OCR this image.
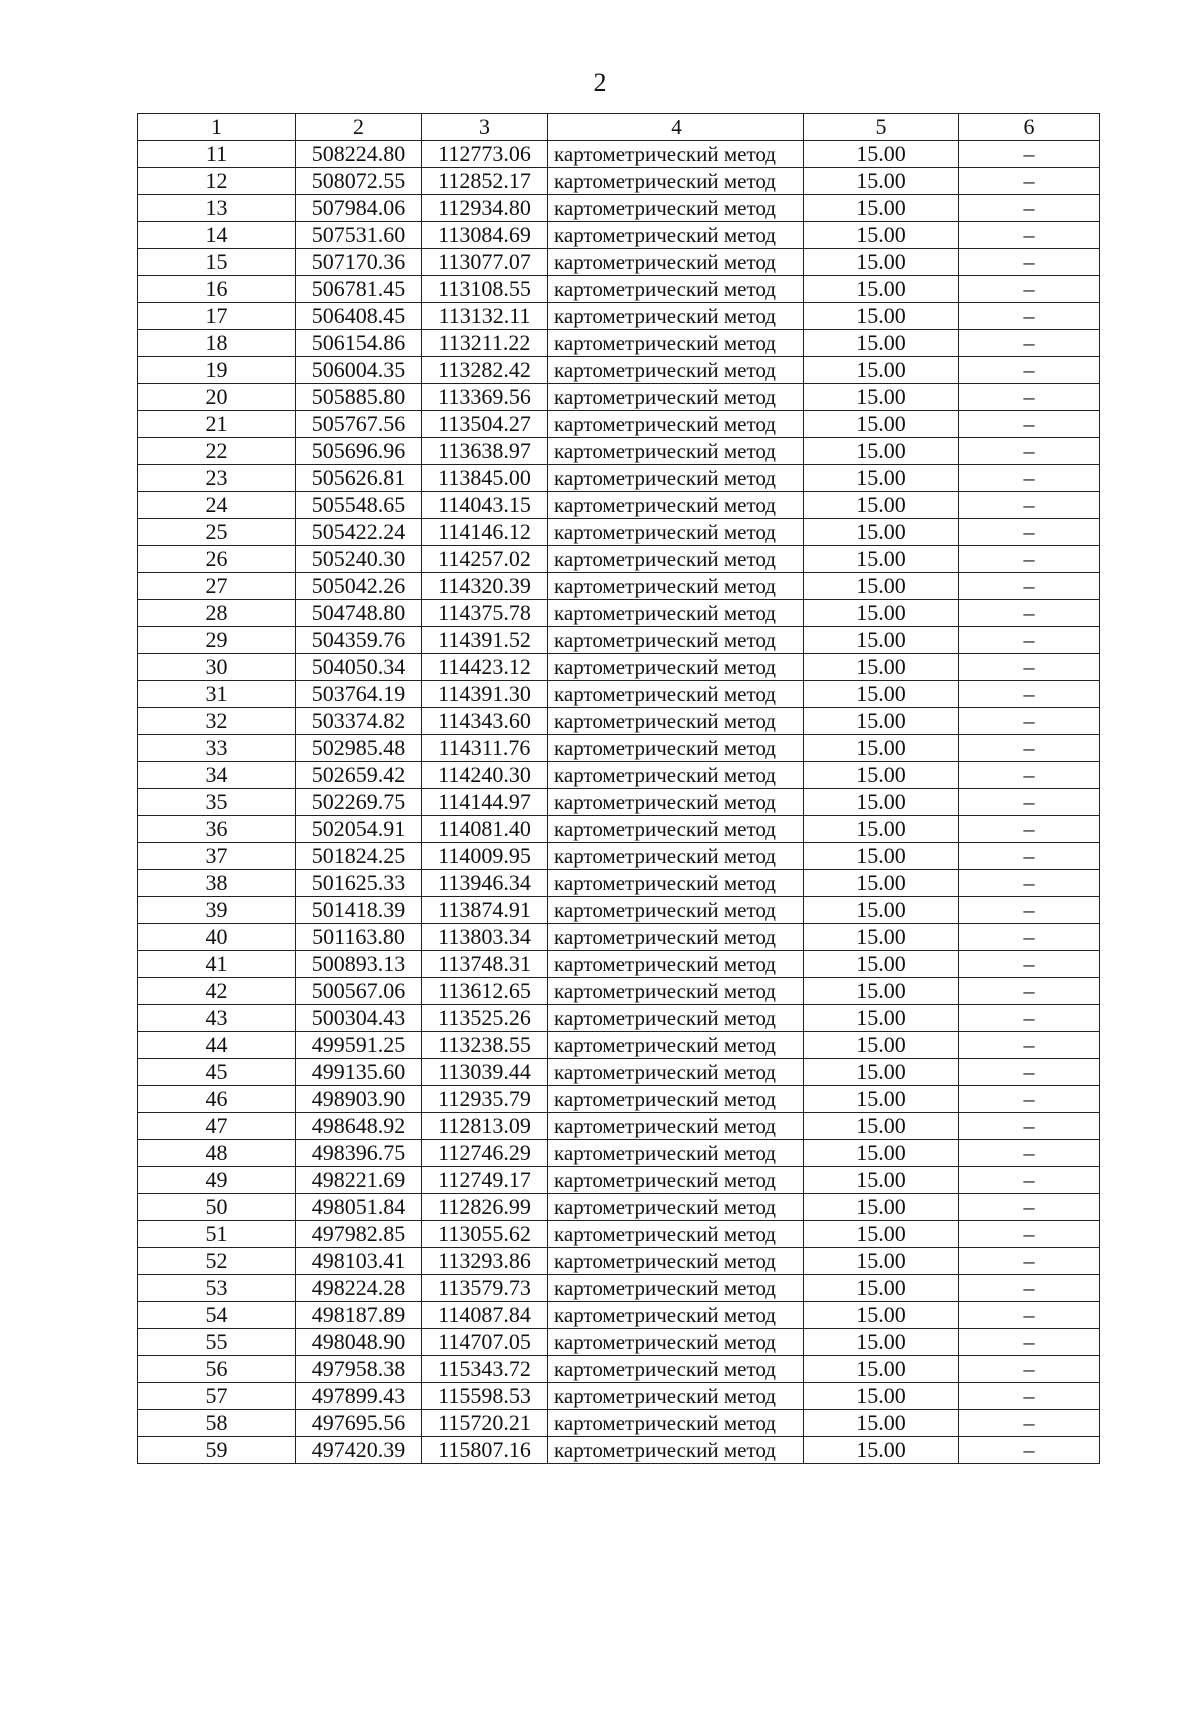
2
1	2	3	4	5	6
11	508224.80	112773.06	картометрический метод	15.00	–
12	508072.55	112852.17	картометрический метод	15.00	–
13	507984.06	112934.80	картометрический метод	15.00	–
14	507531.60	113084.69	картометрический метод	15.00	–
15	507170.36	113077.07	картометрический метод	15.00	–
16	506781.45	113108.55	картометрический метод	15.00	–
17	506408.45	113132.11	картометрический метод	15.00	–
18	506154.86	113211.22	картометрический метод	15.00	–
19	506004.35	113282.42	картометрический метод	15.00	–
20	505885.80	113369.56	картометрический метод	15.00	–
21	505767.56	113504.27	картометрический метод	15.00	–
22	505696.96	113638.97	картометрический метод	15.00	–
23	505626.81	113845.00	картометрический метод	15.00	–
24	505548.65	114043.15	картометрический метод	15.00	–
25	505422.24	114146.12	картометрический метод	15.00	–
26	505240.30	114257.02	картометрический метод	15.00	–
27	505042.26	114320.39	картометрический метод	15.00	–
28	504748.80	114375.78	картометрический метод	15.00	–
29	504359.76	114391.52	картометрический метод	15.00	–
30	504050.34	114423.12	картометрический метод	15.00	–
31	503764.19	114391.30	картометрический метод	15.00	–
32	503374.82	114343.60	картометрический метод	15.00	–
33	502985.48	114311.76	картометрический метод	15.00	–
34	502659.42	114240.30	картометрический метод	15.00	–
35	502269.75	114144.97	картометрический метод	15.00	–
36	502054.91	114081.40	картометрический метод	15.00	–
37	501824.25	114009.95	картометрический метод	15.00	–
38	501625.33	113946.34	картометрический метод	15.00	–
39	501418.39	113874.91	картометрический метод	15.00	–
40	501163.80	113803.34	картометрический метод	15.00	–
41	500893.13	113748.31	картометрический метод	15.00	–
42	500567.06	113612.65	картометрический метод	15.00	–
43	500304.43	113525.26	картометрический метод	15.00	–
44	499591.25	113238.55	картометрический метод	15.00	–
45	499135.60	113039.44	картометрический метод	15.00	–
46	498903.90	112935.79	картометрический метод	15.00	–
47	498648.92	112813.09	картометрический метод	15.00	–
48	498396.75	112746.29	картометрический метод	15.00	–
49	498221.69	112749.17	картометрический метод	15.00	–
50	498051.84	112826.99	картометрический метод	15.00	–
51	497982.85	113055.62	картометрический метод	15.00	–
52	498103.41	113293.86	картометрический метод	15.00	–
53	498224.28	113579.73	картометрический метод	15.00	–
54	498187.89	114087.84	картометрический метод	15.00	–
55	498048.90	114707.05	картометрический метод	15.00	–
56	497958.38	115343.72	картометрический метод	15.00	–
57	497899.43	115598.53	картометрический метод	15.00	–
58	497695.56	115720.21	картометрический метод	15.00	–
59	497420.39	115807.16	картометрический метод	15.00	–
